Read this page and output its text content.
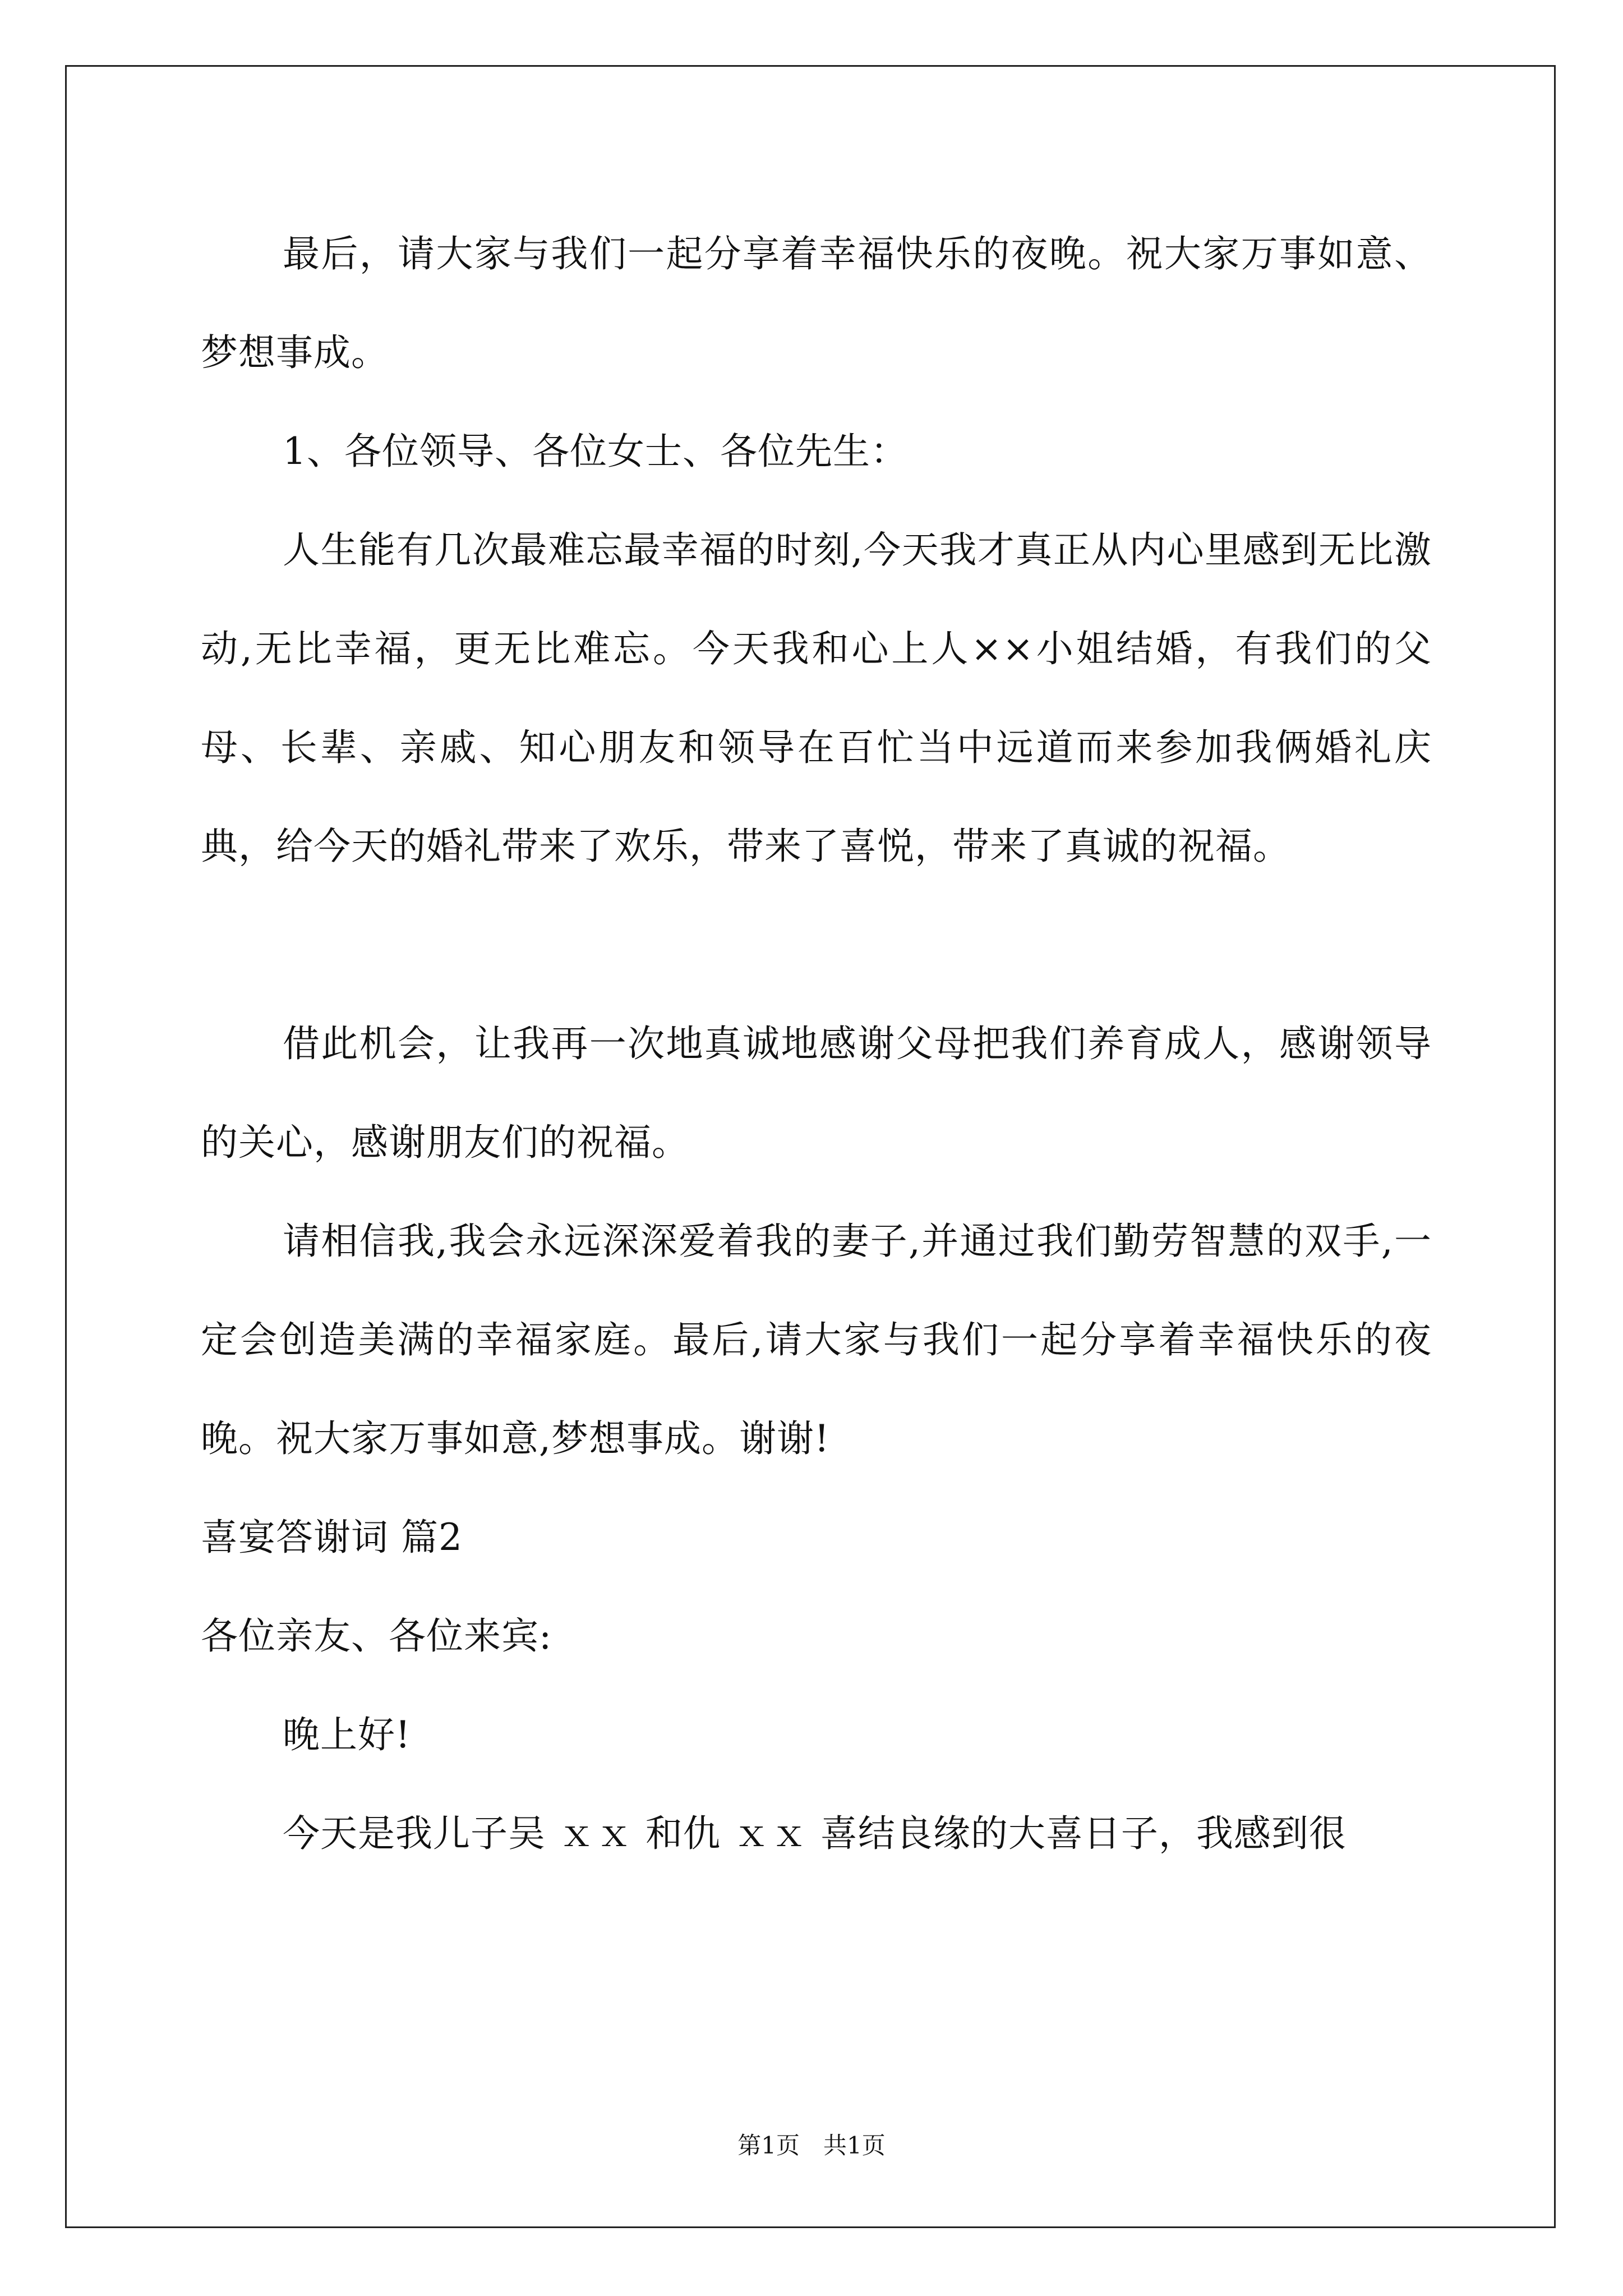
最后，请大家与我们一起分享着幸福快乐的夜晚。祝大家万事如意、梦想事成。

1、各位领导、各位女士、各位先生：

人生能有几次最难忘最幸福的时刻,今天我才真正从内心里感到无比激动,无比幸福，更无比难忘。今天我和心上人××小姐结婚，有我们的父母、长辈、亲戚、知心朋友和领导在百忙当中远道而来参加我俩婚礼庆典，给今天的婚礼带来了欢乐，带来了喜悦，带来了真诚的祝福。

借此机会，让我再一次地真诚地感谢父母把我们养育成人，感谢领导的关心，感谢朋友们的祝福。

请相信我,我会永远深深爱着我的妻子,并通过我们勤劳智慧的双手,一定会创造美满的幸福家庭。最后,请大家与我们一起分享着幸福快乐的夜晚。祝大家万事如意,梦想事成。谢谢!

喜宴答谢词 篇2

各位亲友、各位来宾:

晚上好!

今天是我儿子吴 ｘｘ 和仇 ｘｘ 喜结良缘的大喜日子，我感到很

第1页　共1页
